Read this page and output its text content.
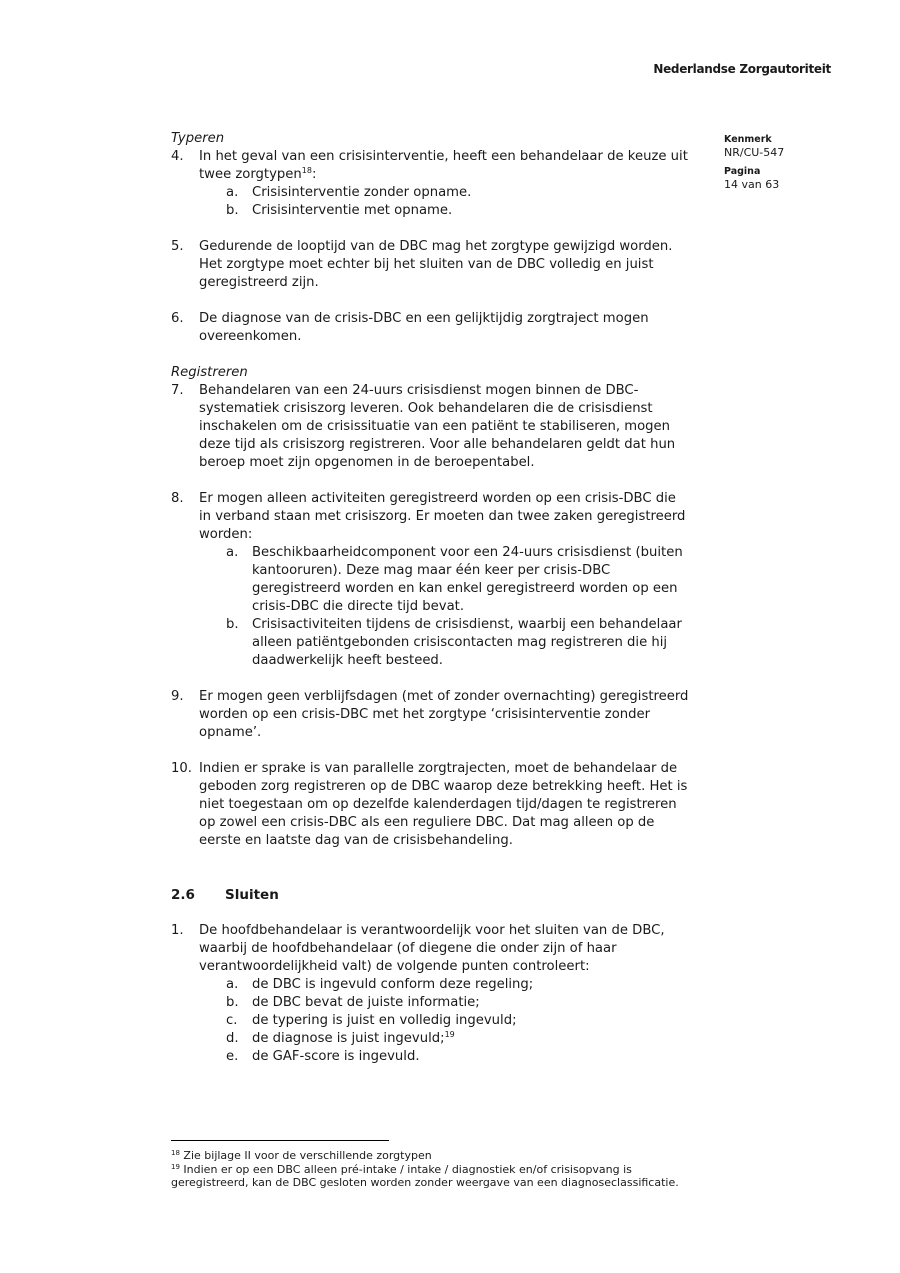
Nederlandse Zorgautoriteit
Kenmerk
NR/CU-547
Pagina
14 van 63
Typeren
4. In het geval van een crisisinterventie, heeft een behandelaar de keuze uit twee zorgtypen$^{18}$:
a. Crisisinterventie zonder opname.
b. Crisisinterventie met opname.
5. Gedurende de looptijd van de DBC mag het zorgtype gewijzigd worden. Het zorgtype moet echter bij het sluiten van de DBC volledig en juist geregistreerd zijn.
6. De diagnose van de crisis-DBC en een gelijktijdig zorgtraject mogen overeenkomen.
Registreren
7. Behandelaren van een 24-uurs crisisdienst mogen binnen de DBC-systematiek crisiszorg leveren. Ook behandelaren die de crisisdienst inschakelen om de crisissituatie van een patiënt te stabiliseren, mogen deze tijd als crisiszorg registreren. Voor alle behandelaren geldt dat hun beroep moet zijn opgenomen in de beroepentabel.
8. Er mogen alleen activiteiten geregistreerd worden op een crisis-DBC die in verband staan met crisiszorg. Er moeten dan twee zaken geregistreerd worden:
a. Beschikbaarheidcomponent voor een 24-uurs crisisdienst (buiten kantooruren). Deze mag maar één keer per crisis-DBC geregistreerd worden en kan enkel geregistreerd worden op een crisis-DBC die directe tijd bevat.
b. Crisisactiviteiten tijdens de crisisdienst, waarbij een behandelaar alleen patiëntgebonden crisiscontacten mag registreren die hij daadwerkelijk heeft besteed.
9. Er mogen geen verblijfsdagen (met of zonder overnachting) geregistreerd worden op een crisis-DBC met het zorgtype ‘crisisinterventie zonder opname’.
10. Indien er sprake is van parallelle zorgtrajecten, moet de behandelaar de geboden zorg registreren op de DBC waarop deze betrekking heeft. Het is niet toegestaan om op dezelfde kalenderdagen tijd/dagen te registreren op zowel een crisis-DBC als een reguliere DBC. Dat mag alleen op de eerste en laatste dag van de crisisbehandeling.
2.6 Sluiten
1. De hoofdbehandelaar is verantwoordelijk voor het sluiten van de DBC, waarbij de hoofdbehandelaar (of diegene die onder zijn of haar verantwoordelijkheid valt) de volgende punten controleert:
a. de DBC is ingevuld conform deze regeling;
b. de DBC bevat de juiste informatie;
c. de typering is juist en volledig ingevuld;
d. de diagnose is juist ingevuld;$^{19}$
e. de GAF-score is ingevuld.
$^{18}$ Zie bijlage II voor de verschillende zorgtypen
$^{19}$ Indien er op een DBC alleen pré-intake / intake / diagnostiek en/of crisisopvang is geregistreerd, kan de DBC gesloten worden zonder weergave van een diagnoseclassificatie.
